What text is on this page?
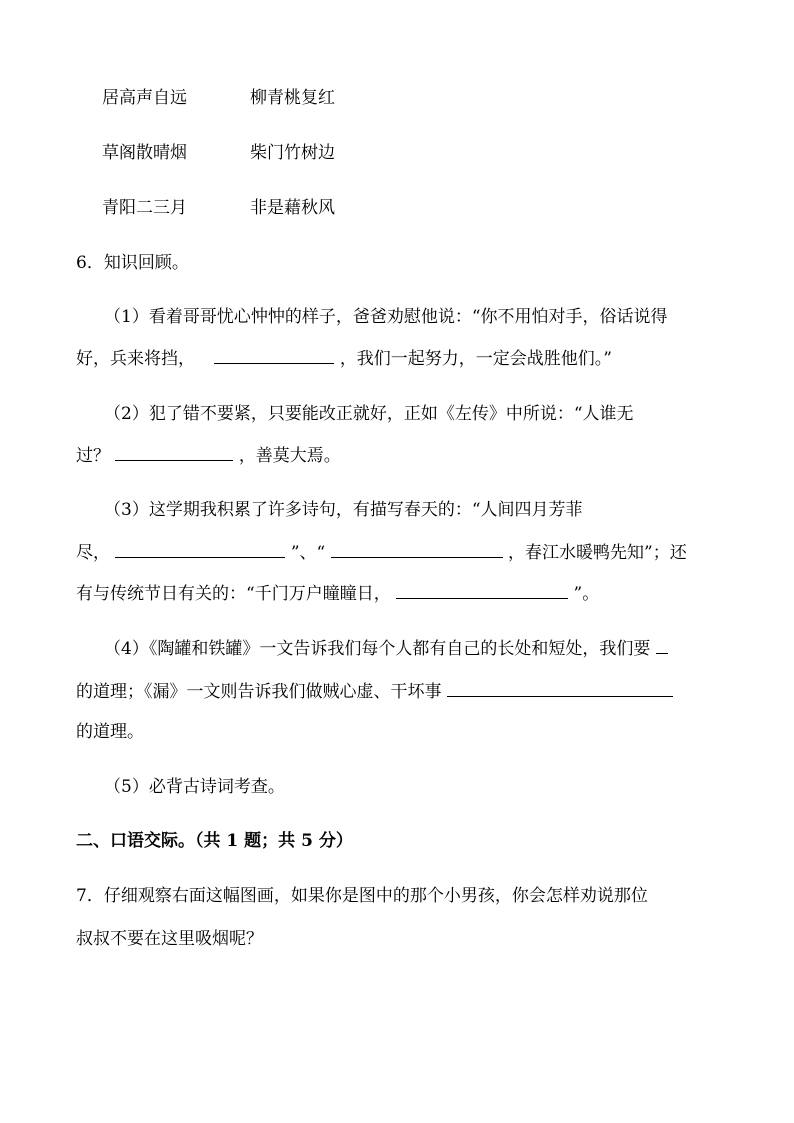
居高声自远	柳青桃复红
草阁散晴烟	柴门竹树边
青阳二三月	非是藉秋风
6．知识回顾。
（1）看着哥哥忧心忡忡的样子，爸爸劝慰他说：“你不用怕对手，俗话说得
好，兵来将挡，	，我们一起努力，一定会战胜他们。”
（2）犯了错不要紧，只要能改正就好，正如《左传》中所说：“人谁无
过？	，善莫大焉。
（3）这学期我积累了许多诗句，有描写春天的：“人间四月芳菲
尽，	”、“	，春江水暖鸭先知”；还
有与传统节日有关的：“千门万户瞳瞳日，	”。
（4）《陶罐和铁罐》一文告诉我们每个人都有自己的长处和短处，我们要
的道理；《漏》一文则告诉我们做贼心虚、干坏事
的道理。
（5）必背古诗词考查。
二、口语交际。（共 1 题；共 5 分）
7．仔细观察右面这幅图画，如果你是图中的那个小男孩，你会怎样劝说那位
叔叔不要在这里吸烟呢？
